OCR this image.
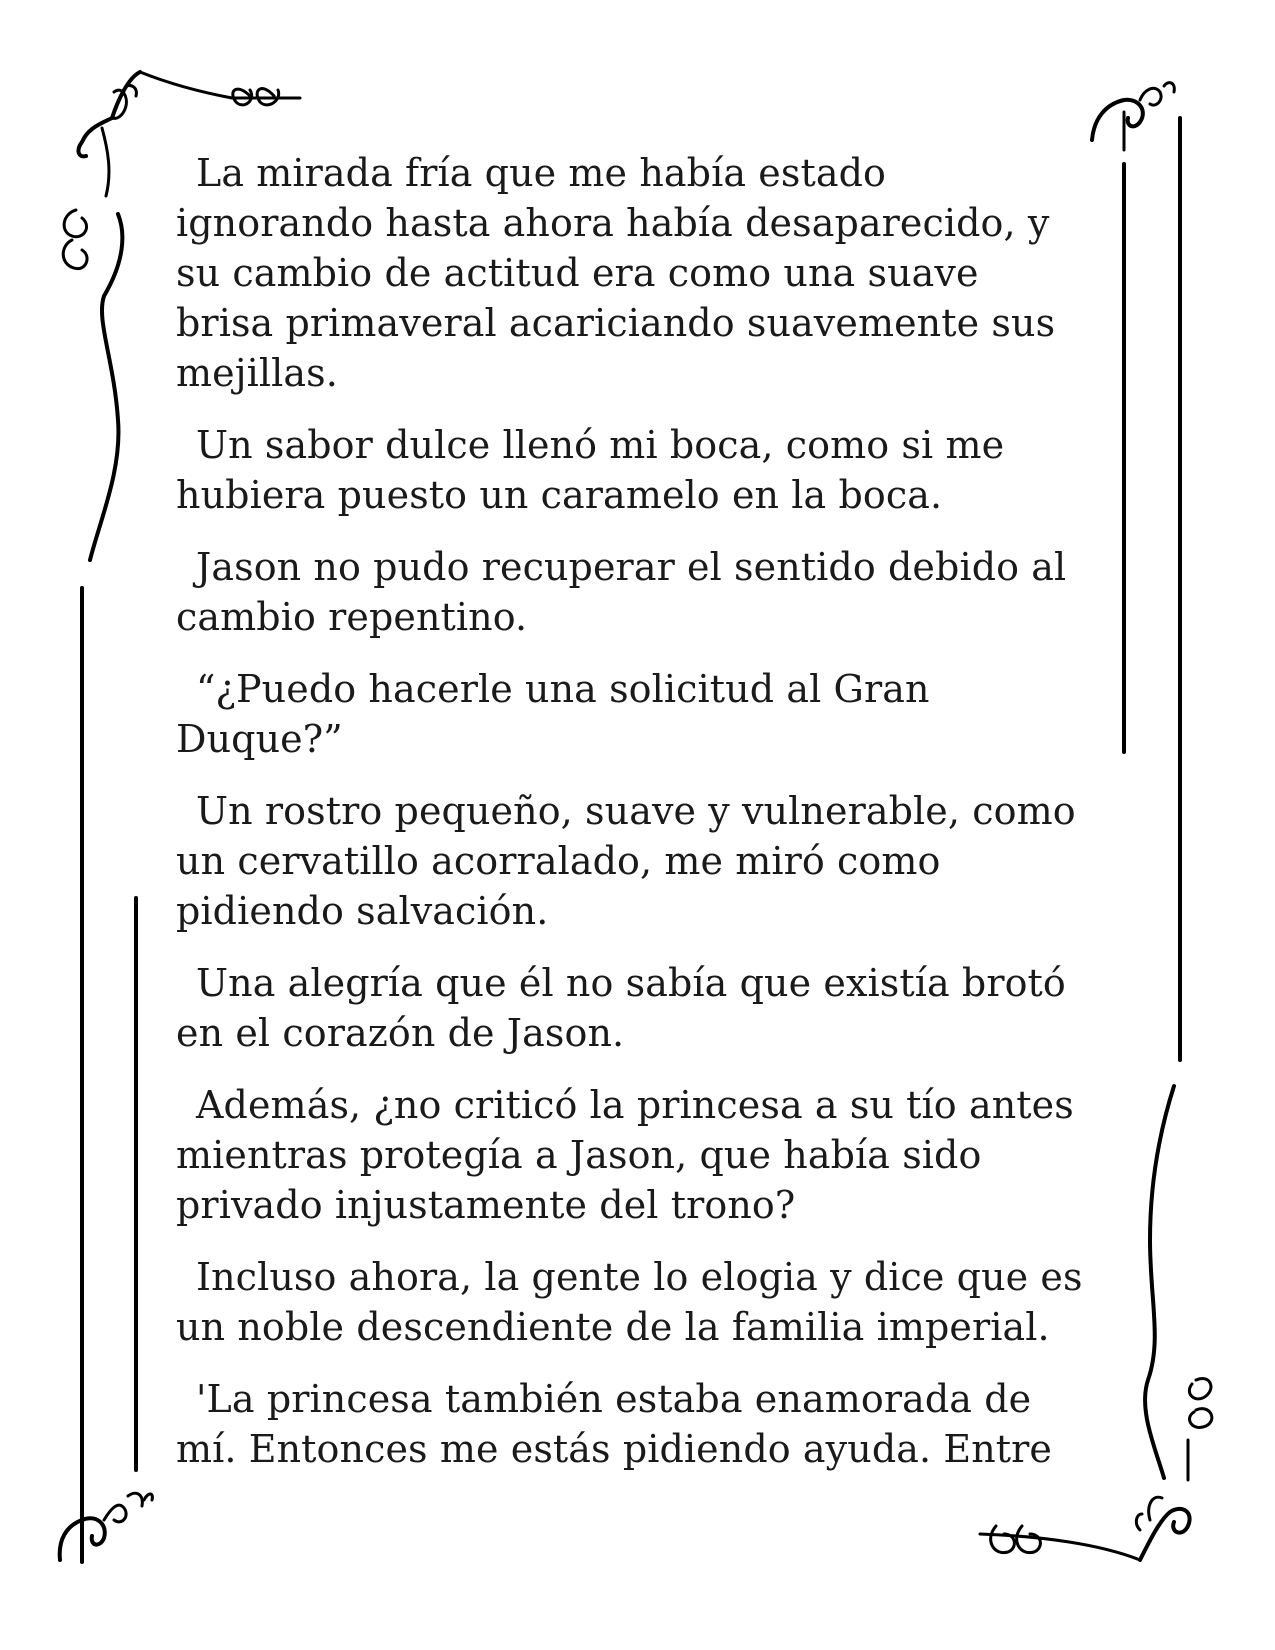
La mirada fría que me había estado ignorando hasta ahora había desaparecido, y su cambio de actitud era como una suave brisa primaveral acariciando suavemente sus mejillas.

Un sabor dulce llenó mi boca, como si me hubiera puesto un caramelo en la boca.

Jason no pudo recuperar el sentido debido al cambio repentino.

“¿Puedo hacerle una solicitud al Gran Duque?”

Un rostro pequeño, suave y vulnerable, como un cervatillo acorralado, me miró como pidiendo salvación.

Una alegría que él no sabía que existía brotó en el corazón de Jason.

Además, ¿no criticó la princesa a su tío antes mientras protegía a Jason, que había sido privado injustamente del trono?

Incluso ahora, la gente lo elogia y dice que es un noble descendiente de la familia imperial.

'La princesa también estaba enamorada de mí. Entonces me estás pidiendo ayuda. Entre
